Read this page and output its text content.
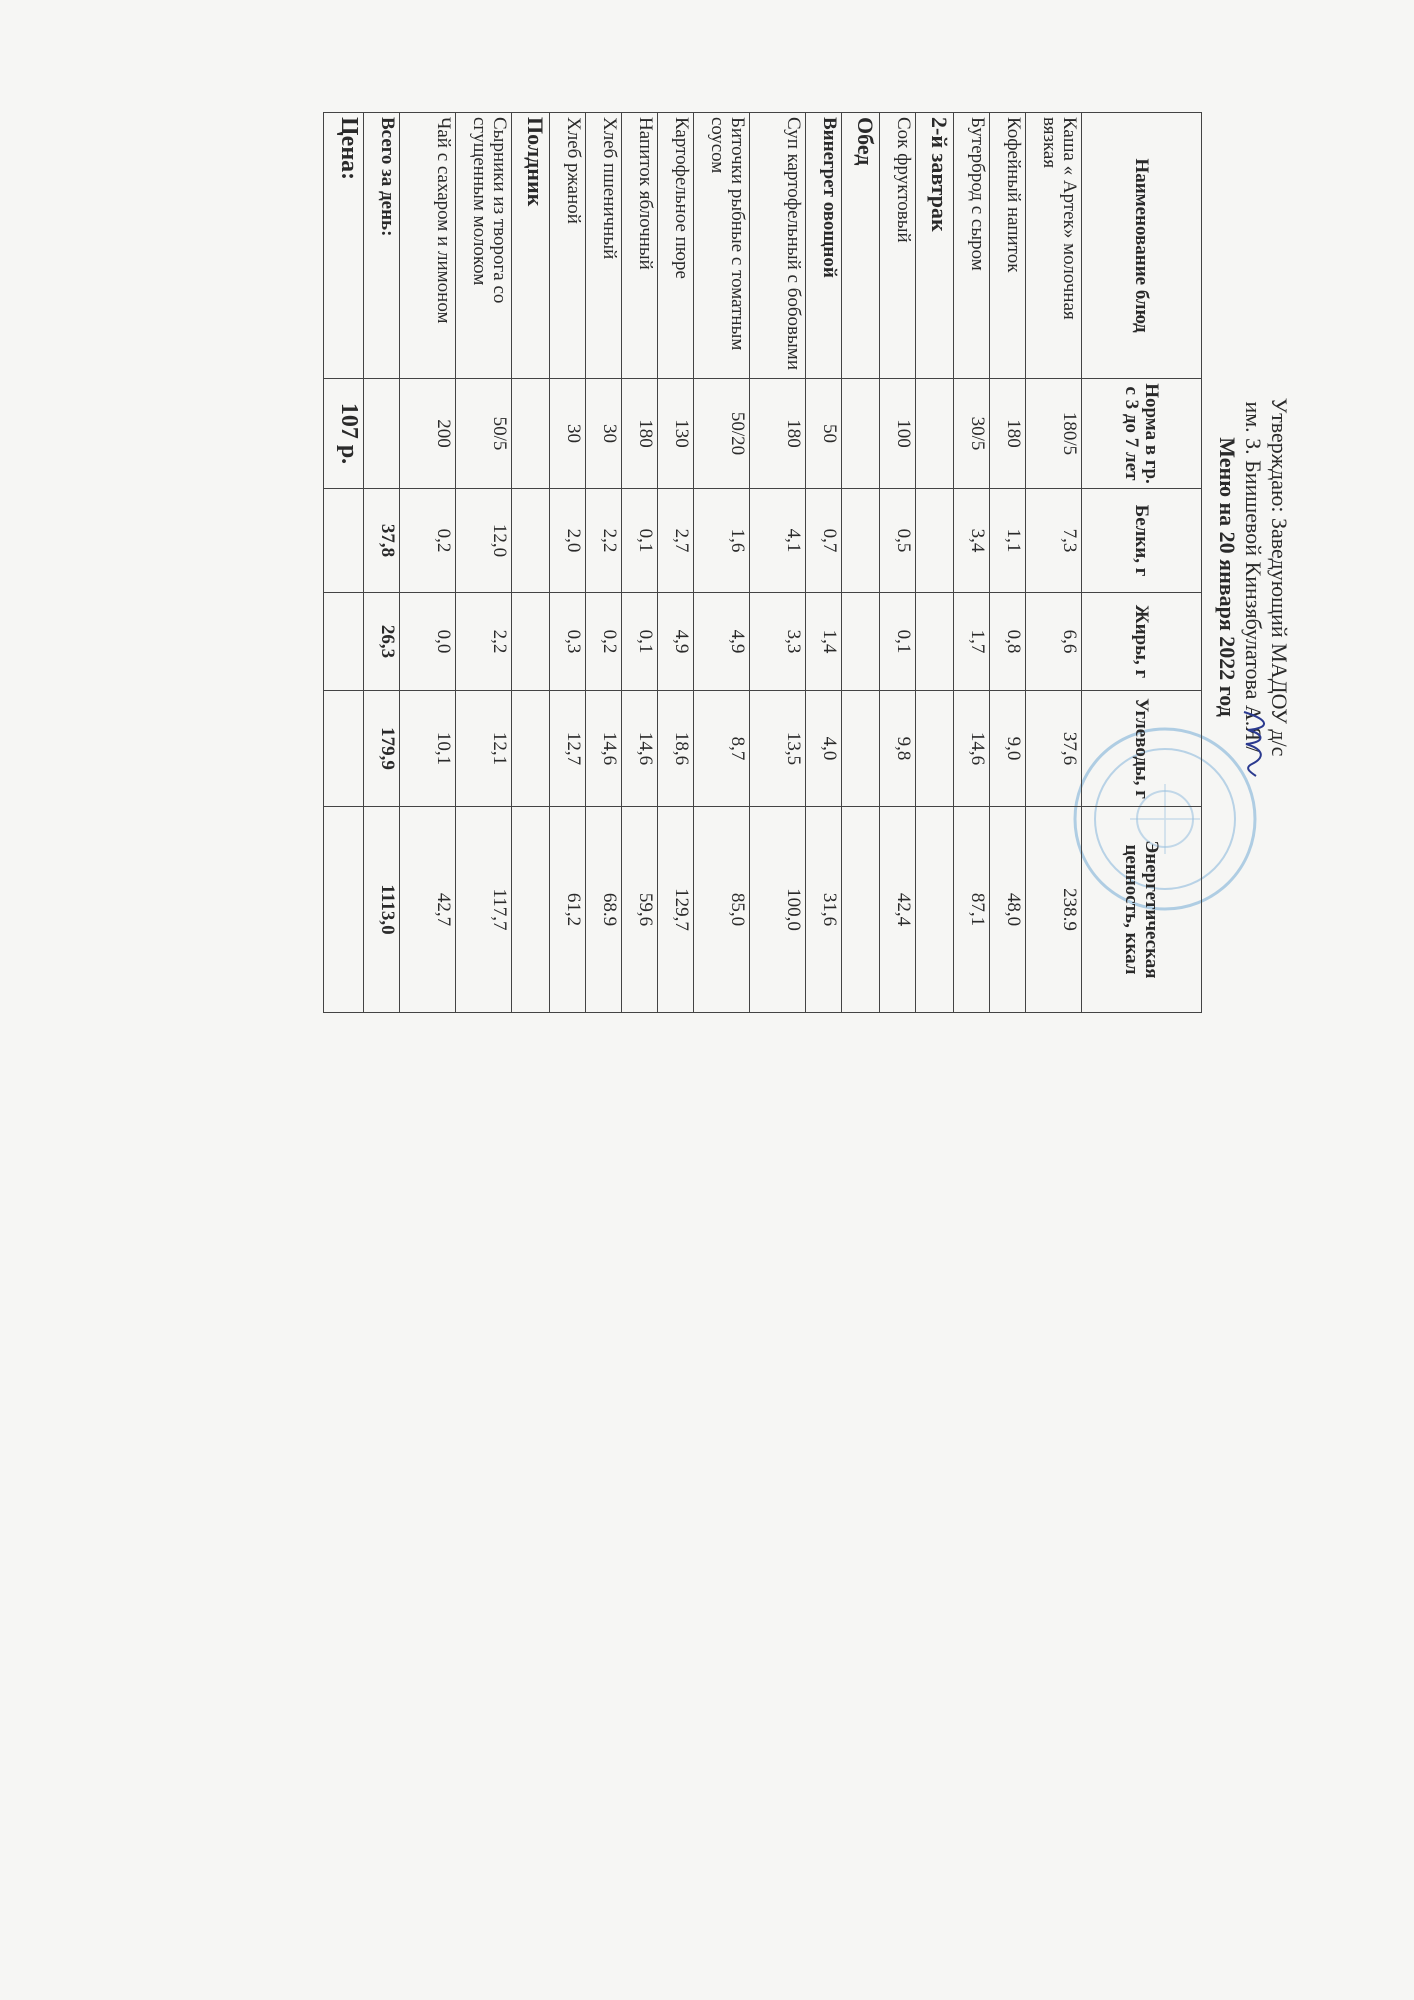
Утверждаю: Заведующий МАДОУ д/с
им. З. Биишевой Кинзябулатова А.Я /
Меню на 20 января 2022 год
Наименование блюд	Норма в гр. с 3 до 7 лет	Белки, г	Жиры, г	Углеводы, г	Энергетическая ценность, ккал
Каша « Артек» молочная вязкая	180/5	7,3	6,6	37,6	238.9
Кофейный напиток	180	1,1	0,8	9,0	48,0
Бутерброд с сыром	30/5	3,4	1,7	14,6	87,1
2-й завтрак					
Сок фруктовый	100	0,5	0,1	9,8	42,4
Обед					
Винегрет овощной	50	0,7	1,4	4,0	31,6
Суп картофельный с бобовыми	180	4,1	3,3	13,5	100,0
Биточки рыбные с томатным соусом	50/20	1,6	4,9	8,7	85,0
Картофельное пюре	130	2,7	4,9	18,6	129,7
Напиток яблочный	180	0,1	0,1	14,6	59,6
Хлеб пшеничный	30	2,2	0,2	14,6	68.9
Хлеб ржаной	30	2,0	0,3	12,7	61,2
Полдник					
Сырники из творога со сгущенным молоком	50/5	12,0	2,2	12,1	117,7
Чай с сахаром и лимоном	200	0,2	0,0	10,1	42,7
Всего за день:		37,8	26,3	179,9	1113,0
Цена:	107 р.				
